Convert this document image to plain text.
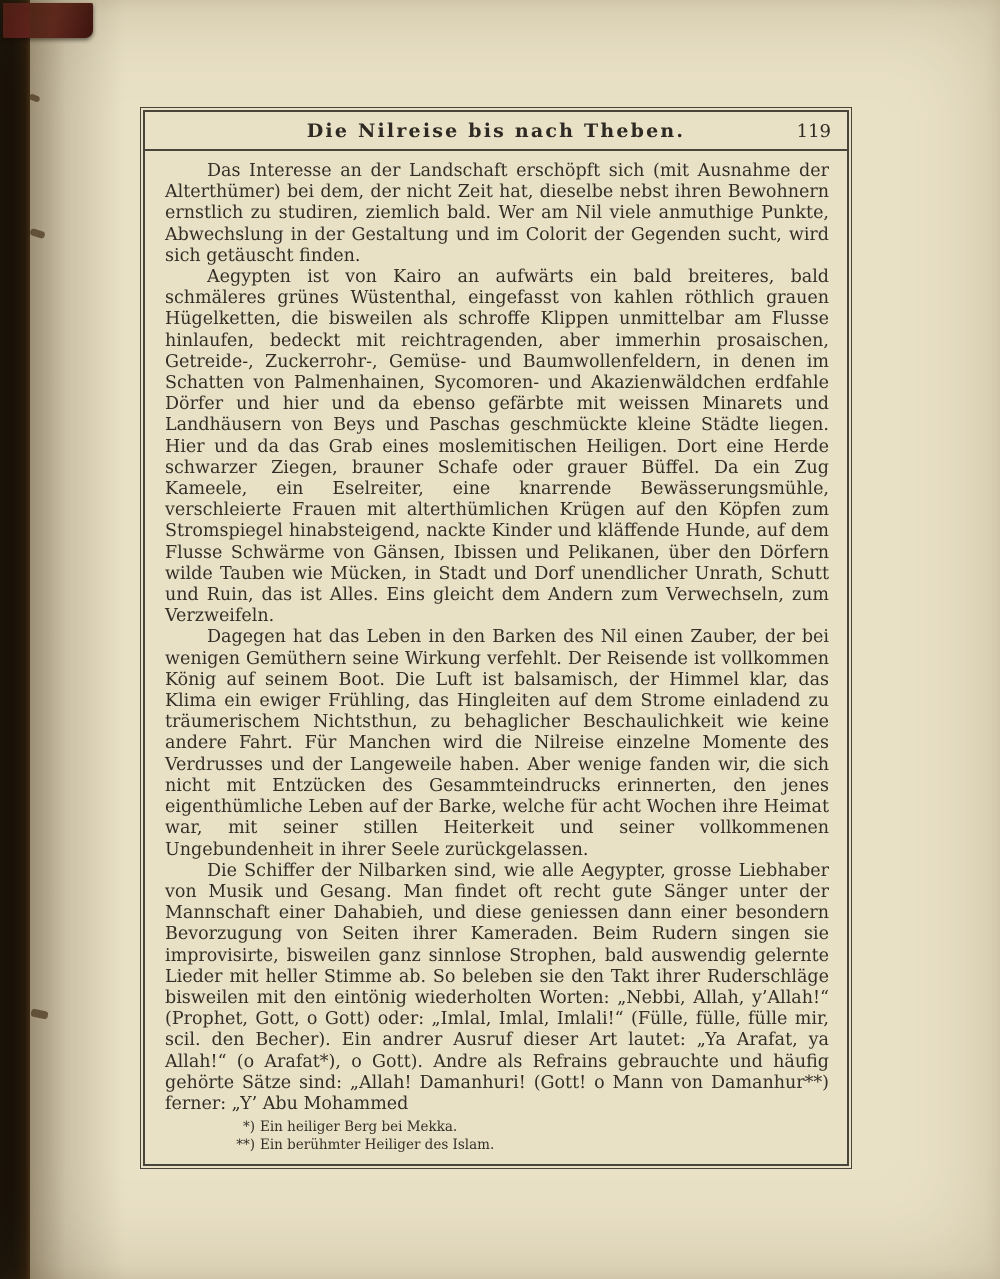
Die Nilreise bis nach Theben.	119

Das Interesse an der Landschaft erschöpft sich (mit Ausnahme der Alterthümer) bei dem, der nicht Zeit hat, dieselbe nebst ihren Bewohnern ernstlich zu studiren, ziemlich bald. Wer am Nil viele anmuthige Punkte, Abwechslung in der Gestaltung und im Colorit der Gegenden sucht, wird sich getäuscht finden.

Aegypten ist von Kairo an aufwärts ein bald breiteres, bald schmäleres grünes Wüstenthal, eingefasst von kahlen röthlich grauen Hügelketten, die bisweilen als schroffe Klippen unmittelbar am Flusse hinlaufen, bedeckt mit reichtragenden, aber immerhin prosaischen, Getreide-, Zuckerrohr-, Gemüse- und Baumwollenfeldern, in denen im Schatten von Palmenhainen, Sycomoren- und Akazienwäldchen erdfahle Dörfer und hier und da ebenso gefärbte mit weissen Minarets und Landhäusern von Beys und Paschas geschmückte kleine Städte liegen. Hier und da das Grab eines moslemitischen Heiligen. Dort eine Herde schwarzer Ziegen, brauner Schafe oder grauer Büffel. Da ein Zug Kameele, ein Eselreiter, eine knarrende Bewässerungsmühle, verschleierte Frauen mit alterthümlichen Krügen auf den Köpfen zum Stromspiegel hinabsteigend, nackte Kinder und kläffende Hunde, auf dem Flusse Schwärme von Gänsen, Ibissen und Pelikanen, über den Dörfern wilde Tauben wie Mücken, in Stadt und Dorf unendlicher Unrath, Schutt und Ruin, das ist Alles. Eins gleicht dem Andern zum Verwechseln, zum Verzweifeln.

Dagegen hat das Leben in den Barken des Nil einen Zauber, der bei wenigen Gemüthern seine Wirkung verfehlt. Der Reisende ist vollkommen König auf seinem Boot. Die Luft ist balsamisch, der Himmel klar, das Klima ein ewiger Frühling, das Hingleiten auf dem Strome einladend zu träumerischem Nichtsthun, zu behaglicher Beschaulichkeit wie keine andere Fahrt. Für Manchen wird die Nilreise einzelne Momente des Verdrusses und der Langeweile haben. Aber wenige fanden wir, die sich nicht mit Entzücken des Gesammteindrucks erinnerten, den jenes eigenthümliche Leben auf der Barke, welche für acht Wochen ihre Heimat war, mit seiner stillen Heiterkeit und seiner vollkommenen Ungebundenheit in ihrer Seele zurückgelassen.

Die Schiffer der Nilbarken sind, wie alle Aegypter, grosse Liebhaber von Musik und Gesang. Man findet oft recht gute Sänger unter der Mannschaft einer Dahabieh, und diese geniessen dann einer besondern Bevorzugung von Seiten ihrer Kameraden. Beim Rudern singen sie improvisirte, bisweilen ganz sinnlose Strophen, bald auswendig gelernte Lieder mit heller Stimme ab. So beleben sie den Takt ihrer Ruderschläge bisweilen mit den eintönig wiederholten Worten: „Nebbi, Allah, y’Allah!“ (Prophet, Gott, o Gott) oder: „Imlal, Imlal, Imlali!“ (Fülle, fülle, fülle mir, scil. den Becher). Ein andrer Ausruf dieser Art lautet: „Ya Arafat, ya Allah!“ (o Arafat*), o Gott). Andre als Refrains gebrauchte und häufig gehörte Sätze sind: „Allah! Damanhuri! (Gott! o Mann von Damanhur**) ferner: „Y’ Abu Mohammed

*) Ein heiliger Berg bei Mekka.
**) Ein berühmter Heiliger des Islam.
